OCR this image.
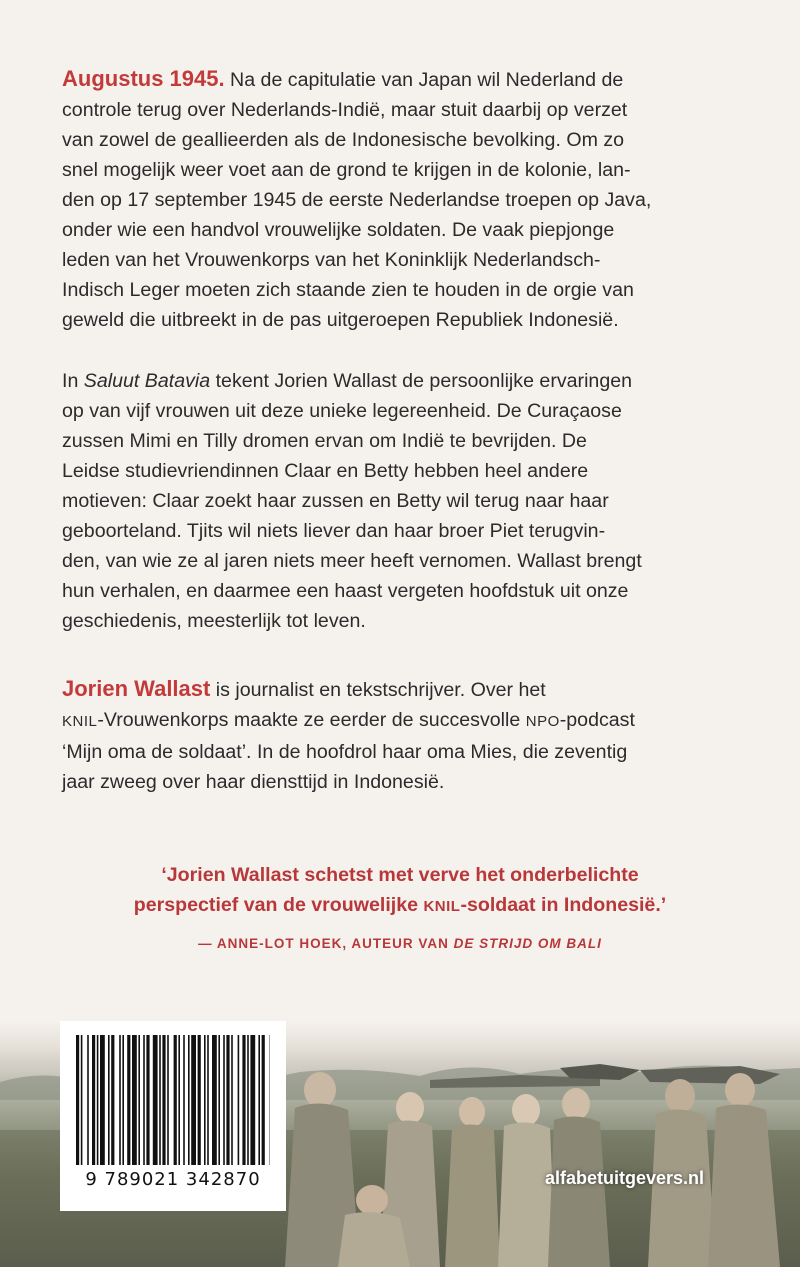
Augustus 1945. Na de capitulatie van Japan wil Nederland de
controle terug over Nederlands-Indië, maar stuit daarbij op verzet
van zowel de geallieerden als de Indonesische bevolking. Om zo
snel mogelijk weer voet aan de grond te krijgen in de kolonie, lan-
den op 17 september 1945 de eerste Nederlandse troepen op Java,
onder wie een handvol vrouwelijke soldaten. De vaak piepjonge
leden van het Vrouwenkorps van het Koninklijk Nederlandsch-
Indisch Leger moeten zich staande zien te houden in de orgie van
geweld die uitbreekt in de pas uitgeroepen Republiek Indonesië.
In Saluut Batavia tekent Jorien Wallast de persoonlijke ervaringen
op van vijf vrouwen uit deze unieke legereenheid. De Curaçaose
zussen Mimi en Tilly dromen ervan om Indië te bevrijden. De
Leidse studievriendinnen Claar en Betty hebben heel andere
motieven: Claar zoekt haar zussen en Betty wil terug naar haar
geboorteland. Tjits wil niets liever dan haar broer Piet terugvin-
den, van wie ze al jaren niets meer heeft vernomen. Wallast brengt
hun verhalen, en daarmee een haast vergeten hoofdstuk uit onze
geschiedenis, meesterlijk tot leven.
Jorien Wallast is journalist en tekstschrijver. Over het
KNIL-Vrouwenkorps maakte ze eerder de succesvolle NPO-podcast
‘Mijn oma de soldaat’. In de hoofdrol haar oma Mies, die zeventig
jaar zweeg over haar diensttijd in Indonesië.
‘Jorien Wallast schetst met verve het onderbelichte
perspectief van de vrouwelijke KNIL-soldaat in Indonesië.’
— ANNE-LOT HOEK, AUTEUR VAN DE STRIJD OM BALI
9 789021 342870	alfabetuitgevers.nl
